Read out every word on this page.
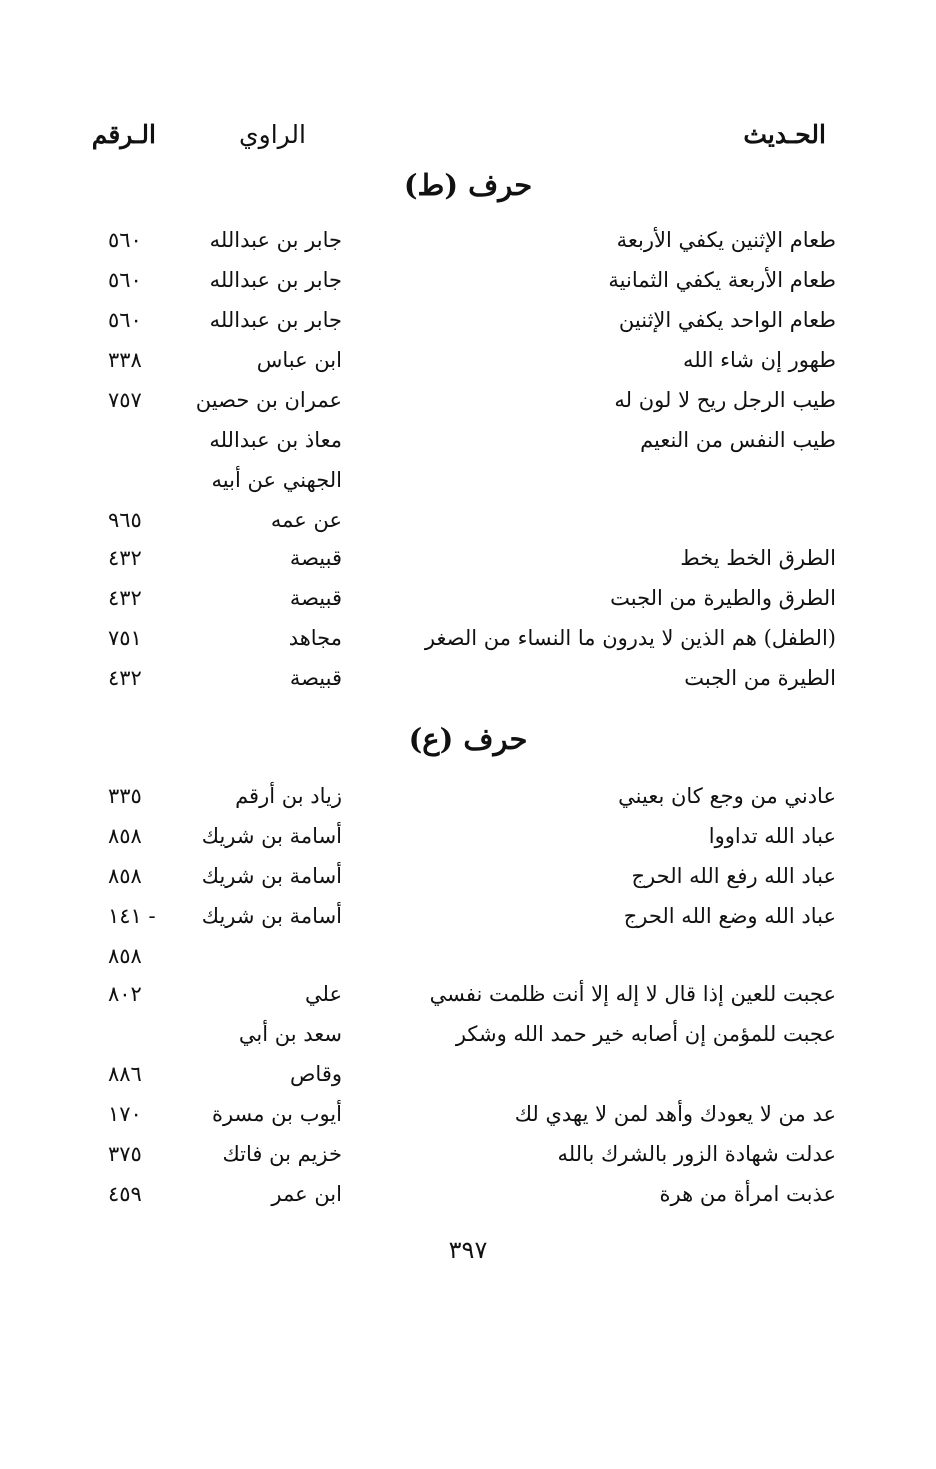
الحـديث
الراوي
الـرقم
حرف (ط)
طعام الإثنين يكفي الأربعة
جابر بن عبدالله
٥٦٠
طعام الأربعة يكفي الثمانية
جابر بن عبدالله
٥٦٠
طعام الواحد يكفي الإثنين
جابر بن عبدالله
٥٦٠
طهور إن شاء الله
ابن عباس
٣٣٨
طيب الرجل ريح لا لون له
عمران بن حصين
٧٥٧
طيب النفس من النعيم
معاذ بن عبدالله
الجهني عن أبيه
عن عمه
٩٦٥
الطرق الخط يخط
قبيصة
٤٣٢
الطرق والطيرة من الجبت
قبيصة
٤٣٢
(الطفل) هم الذين لا يدرون ما النساء من الصغر
مجاهد
٧٥١
الطيرة من الجبت
قبيصة
٤٣٢
حرف (ع)
عادني من وجع كان بعيني
زياد بن أرقم
٣٣٥
عباد الله تداووا
أسامة بن شريك
٨٥٨
عباد الله رفع الله الحرج
أسامة بن شريك
٨٥٨
عباد الله وضع الله الحرج
أسامة بن شريك
١٤١ -
٨٥٨
عجبت للعين إذا قال لا إله إلا أنت ظلمت نفسي
علي
٨٠٢
عجبت للمؤمن إن أصابه خير حمد الله وشكر
سعد بن أبي
وقاص
٨٨٦
عد من لا يعودك وأهد لمن لا يهدي لك
أيوب بن مسرة
١٧٠
عدلت شهادة الزور بالشرك بالله
خزيم بن فاتك
٣٧٥
عذبت امرأة من هرة
ابن عمر
٤٥٩
٣٩٧
